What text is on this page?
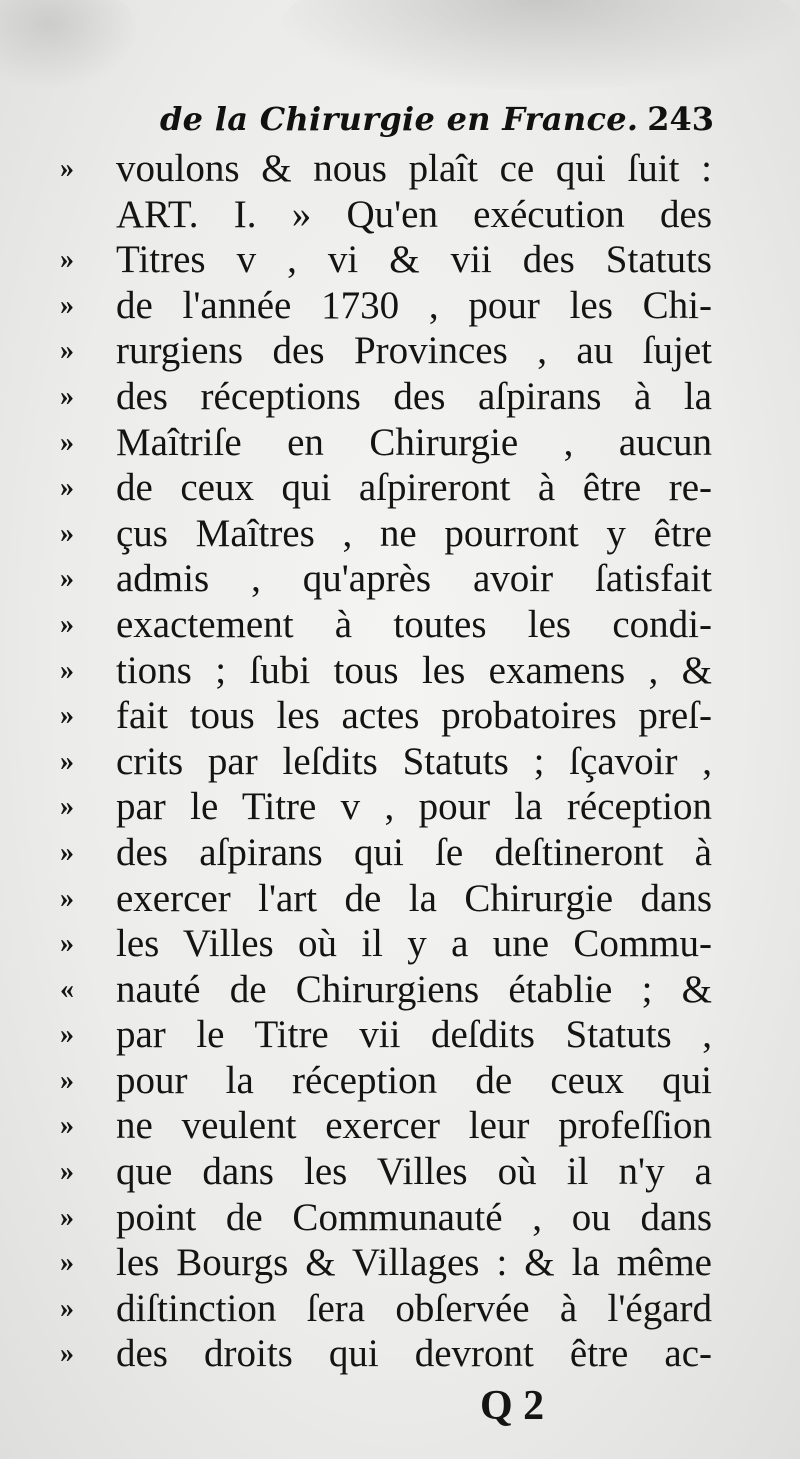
de la Chirurgie en France. 243
»	voulons & nous plaît ce qui ſuit :
ART. I. » Qu'en exécution des
»	Titres v , vi & vii des Statuts
»	de l'année 1730 , pour les Chi-
»	rurgiens des Provinces , au ſujet
»	des réceptions des aſpirans à la
»	Maîtriſe en Chirurgie , aucun
»	de ceux qui aſpireront à être re-
»	çus Maîtres , ne pourront y être
»	admis , qu'après avoir ſatisfait
»	exactement à toutes les condi-
»	tions ; ſubi tous les examens , &
»	fait tous les actes probatoires preſ-
»	crits par leſdits Statuts ; ſçavoir ,
»	par le Titre v , pour la réception
»	des aſpirans qui ſe deſtineront à
»	exercer l'art de la Chirurgie dans
»	les Villes où il y a une Commu-
«	nauté de Chirurgiens établie ; &
»	par le Titre vii deſdits Statuts ,
»	pour la réception de ceux qui
»	ne veulent exercer leur profeſſion
»	que dans les Villes où il n'y a
»	point de Communauté , ou dans
»	les Bourgs & Villages : & la même
»	diſtinction ſera obſervée à l'égard
»	des droits qui devront être ac-
Q 2
